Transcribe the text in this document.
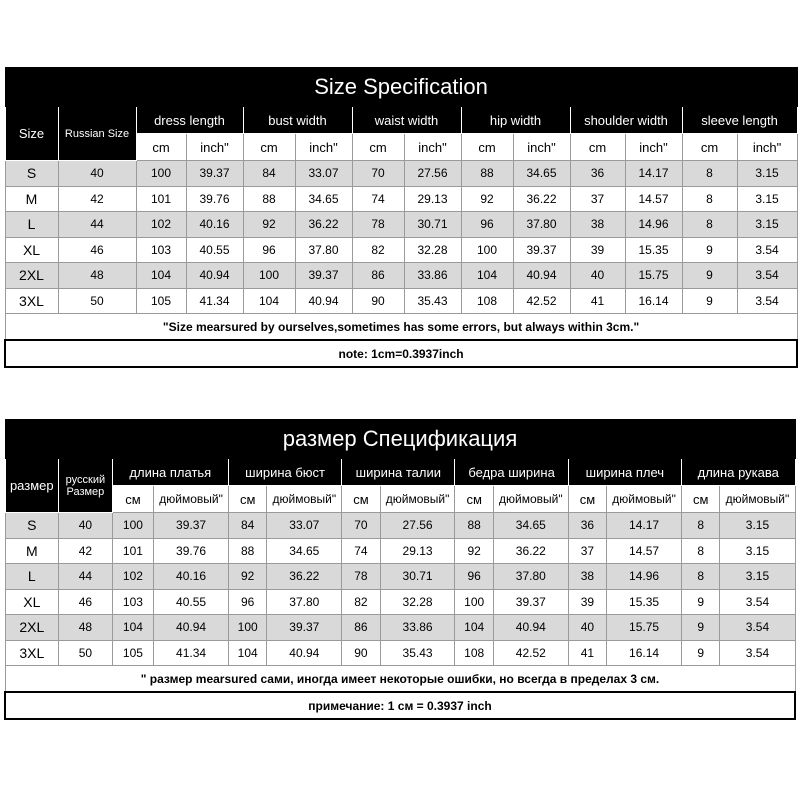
Size Specification													
Size	Russian Size	dress length		bust width		waist width		hip width		shoulder width		sleeve length	
		cm	inch"	cm	inch"	cm	inch"	cm	inch"	cm	inch"	cm	inch"
S	40	100	39.37	84	33.07	70	27.56	88	34.65	36	14.17	8	3.15
M	42	101	39.76	88	34.65	74	29.13	92	36.22	37	14.57	8	3.15
L	44	102	40.16	92	36.22	78	30.71	96	37.80	38	14.96	8	3.15
XL	46	103	40.55	96	37.80	82	32.28	100	39.37	39	15.35	9	3.54
2XL	48	104	40.94	100	39.37	86	33.86	104	40.94	40	15.75	9	3.54
3XL	50	105	41.34	104	40.94	90	35.43	108	42.52	41	16.14	9	3.54
"Size mearsured by ourselves,sometimes has some errors, but always within 3cm."													
note: 1cm=0.3937inch													
размер Спецификация													
размер	русский Размер	длина платья		ширина бюст		ширина талии		бедра ширина		ширина плеч		длина рукава	
		см	дюймовый"	см	дюймовый"	см	дюймовый"	см	дюймовый"	см	дюймовый"	см	дюймовый"
S	40	100	39.37	84	33.07	70	27.56	88	34.65	36	14.17	8	3.15
M	42	101	39.76	88	34.65	74	29.13	92	36.22	37	14.57	8	3.15
L	44	102	40.16	92	36.22	78	30.71	96	37.80	38	14.96	8	3.15
XL	46	103	40.55	96	37.80	82	32.28	100	39.37	39	15.35	9	3.54
2XL	48	104	40.94	100	39.37	86	33.86	104	40.94	40	15.75	9	3.54
3XL	50	105	41.34	104	40.94	90	35.43	108	42.52	41	16.14	9	3.54
" размер mearsured сами, иногда имеет некоторые ошибки, но всегда в пределах 3 см.													
примечание: 1 см = 0.3937 inch													
